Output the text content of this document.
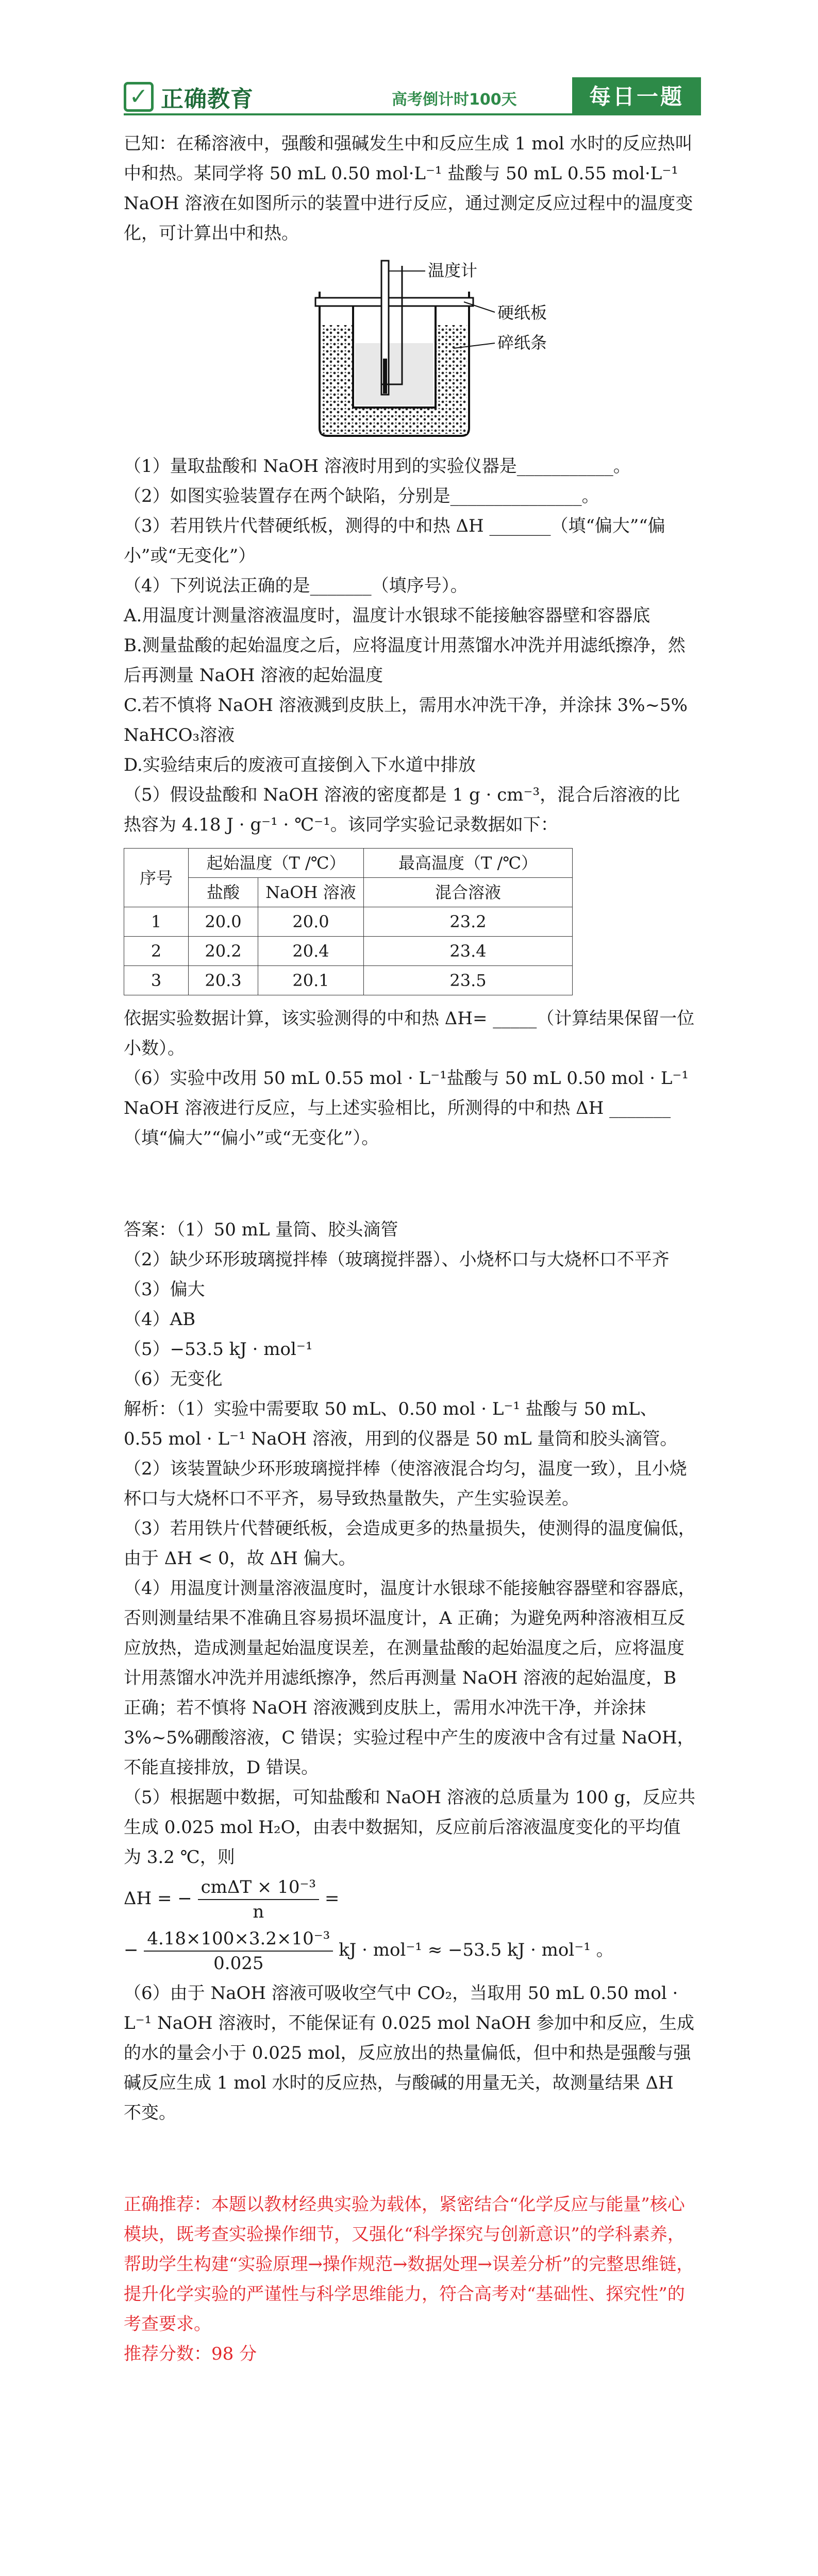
✓ 正确教育	高考倒计时100天	每日一题

已知：在稀溶液中，强酸和强碱发生中和反应生成 1 mol 水时的反应热叫中和热。某同学将 50 mL 0.50 mol·L⁻¹ 盐酸与 50 mL 0.55 mol·L⁻¹ NaOH 溶液在如图所示的装置中进行反应，通过测定反应过程中的温度变化，可计算出中和热。

温度计
硬纸板
碎纸条

（1）量取盐酸和 NaOH 溶液时用到的实验仪器是___________。

（2）如图实验装置存在两个缺陷，分别是_______________。

（3）若用铁片代替硬纸板，测得的中和热 ΔH _______（填“偏大”“偏小”或“无变化”）

（4）下列说法正确的是_______（填序号）。

A.用温度计测量溶液温度时，温度计水银球不能接触容器壁和容器底

B.测量盐酸的起始温度之后，应将温度计用蒸馏水冲洗并用滤纸擦净，然后再测量 NaOH 溶液的起始温度

C.若不慎将 NaOH 溶液溅到皮肤上，需用水冲洗干净，并涂抹 3%~5% NaHCO₃溶液

D.实验结束后的废液可直接倒入下水道中排放

（5）假设盐酸和 NaOH 溶液的密度都是 1 g · cm⁻³，混合后溶液的比热容为 4.18 J · g⁻¹ · ℃⁻¹。该同学实验记录数据如下：

序号	起始温度（T /℃）		最高温度（T /℃）
	盐酸	NaOH 溶液	混合溶液
1	20.0	20.0	23.2
2	20.2	20.4	23.4
3	20.3	20.1	23.5

依据实验数据计算，该实验测得的中和热 ΔH= _____（计算结果保留一位小数）。

（6）实验中改用 50 mL 0.55 mol · L⁻¹盐酸与 50 mL 0.50 mol · L⁻¹ NaOH 溶液进行反应，与上述实验相比，所测得的中和热 ΔH _______（填“偏大”“偏小”或“无变化”）。

答案：（1）50 mL 量筒、胶头滴管

（2）缺少环形玻璃搅拌棒（玻璃搅拌器）、小烧杯口与大烧杯口不平齐

（3）偏大

（4）AB

（5）−53.5 kJ · mol⁻¹

（6）无变化

解析：（1）实验中需要取 50 mL、0.50 mol · L⁻¹ 盐酸与 50 mL、0.55 mol · L⁻¹ NaOH 溶液，用到的仪器是 50 mL 量筒和胶头滴管。

（2）该装置缺少环形玻璃搅拌棒（使溶液混合均匀，温度一致），且小烧杯口与大烧杯口不平齐，易导致热量散失，产生实验误差。

（3）若用铁片代替硬纸板，会造成更多的热量损失，使测得的温度偏低，由于 ΔH < 0，故 ΔH 偏大。

（4）用温度计测量溶液温度时，温度计水银球不能接触容器壁和容器底，否则测量结果不准确且容易损坏温度计，A 正确；为避免两种溶液相互反应放热，造成测量起始温度误差，在测量盐酸的起始温度之后，应将温度计用蒸馏水冲洗并用滤纸擦净，然后再测量 NaOH 溶液的起始温度，B 正确；若不慎将 NaOH 溶液溅到皮肤上，需用水冲洗干净，并涂抹 3%~5%硼酸溶液，C 错误；实验过程中产生的废液中含有过量 NaOH，不能直接排放，D 错误。

（5）根据题中数据，可知盐酸和 NaOH 溶液的总质量为 100 g，反应共生成 0.025 mol H₂O，由表中数据知，反应前后溶液温度变化的平均值为 3.2 ℃，则

ΔH = − $\frac{\text{cmΔT × 10⁻³}}{n}$ =
− $\frac{\text{4.18×100×3.2×10⁻³}}{0.025}$ kJ · mol⁻¹ ≈ −53.5 kJ · mol⁻¹ 。

（6）由于 NaOH 溶液可吸收空气中 CO₂，当取用 50 mL 0.50 mol · L⁻¹ NaOH 溶液时，不能保证有 0.025 mol NaOH 参加中和反应，生成的水的量会小于 0.025 mol，反应放出的热量偏低，但中和热是强酸与强碱反应生成 1 mol 水时的反应热，与酸碱的用量无关，故测量结果 ΔH 不变。

正确推荐：本题以教材经典实验为载体，紧密结合“化学反应与能量”核心模块，既考查实验操作细节，又强化“科学探究与创新意识”的学科素养，帮助学生构建“实验原理→操作规范→数据处理→误差分析”的完整思维链，提升化学实验的严谨性与科学思维能力，符合高考对“基础性、探究性”的考查要求。

推荐分数：98 分
